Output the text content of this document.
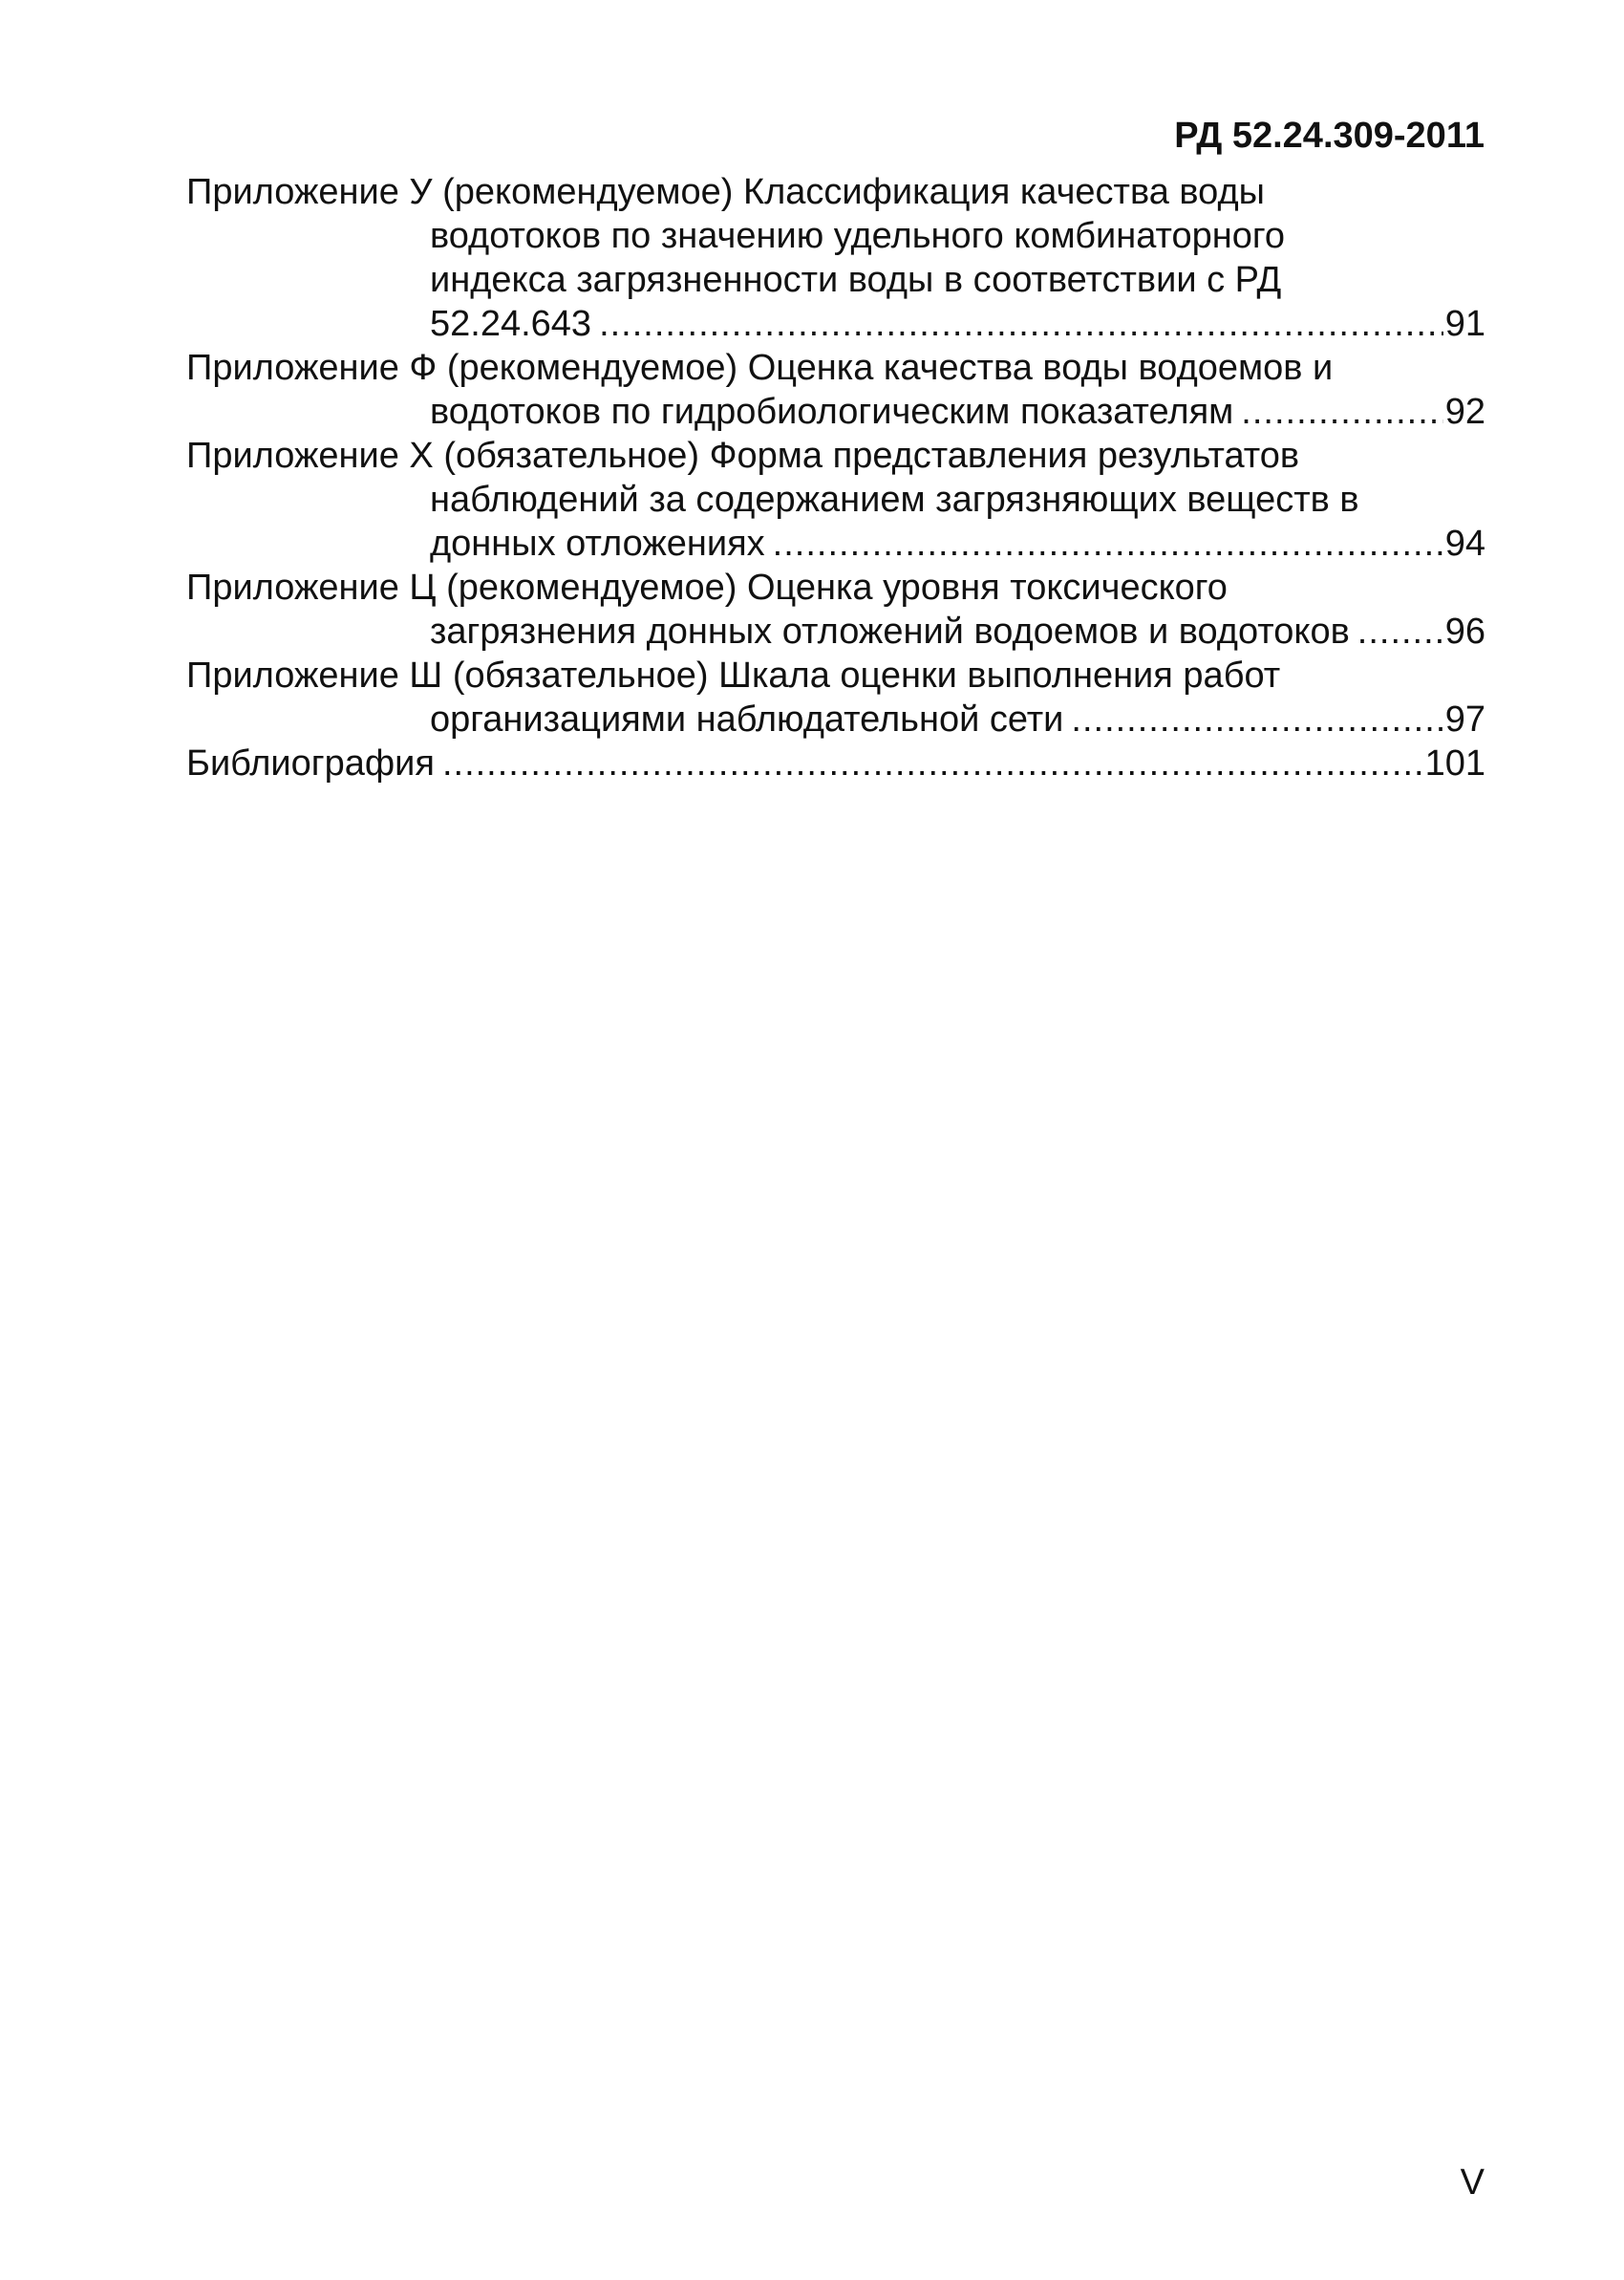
РД 52.24.309-2011
Приложение У (рекомендуемое) Классификация качества воды
водотоков по значению удельного комбинаторного
индекса загрязненности воды в соответствии с РД
52.24.643 .....	91
Приложение Ф (рекомендуемое) Оценка качества воды водоемов и
водотоков по гидробиологическим показателям .....	92
Приложение Х (обязательное) Форма представления результатов
наблюдений за содержанием загрязняющих веществ в
донных отложениях .....	94
Приложение Ц (рекомендуемое) Оценка уровня токсического
загрязнения донных отложений водоемов и водотоков .....	96
Приложение Ш (обязательное) Шкала оценки выполнения работ
организациями наблюдательной сети .....	97
Библиография .....	101
V
